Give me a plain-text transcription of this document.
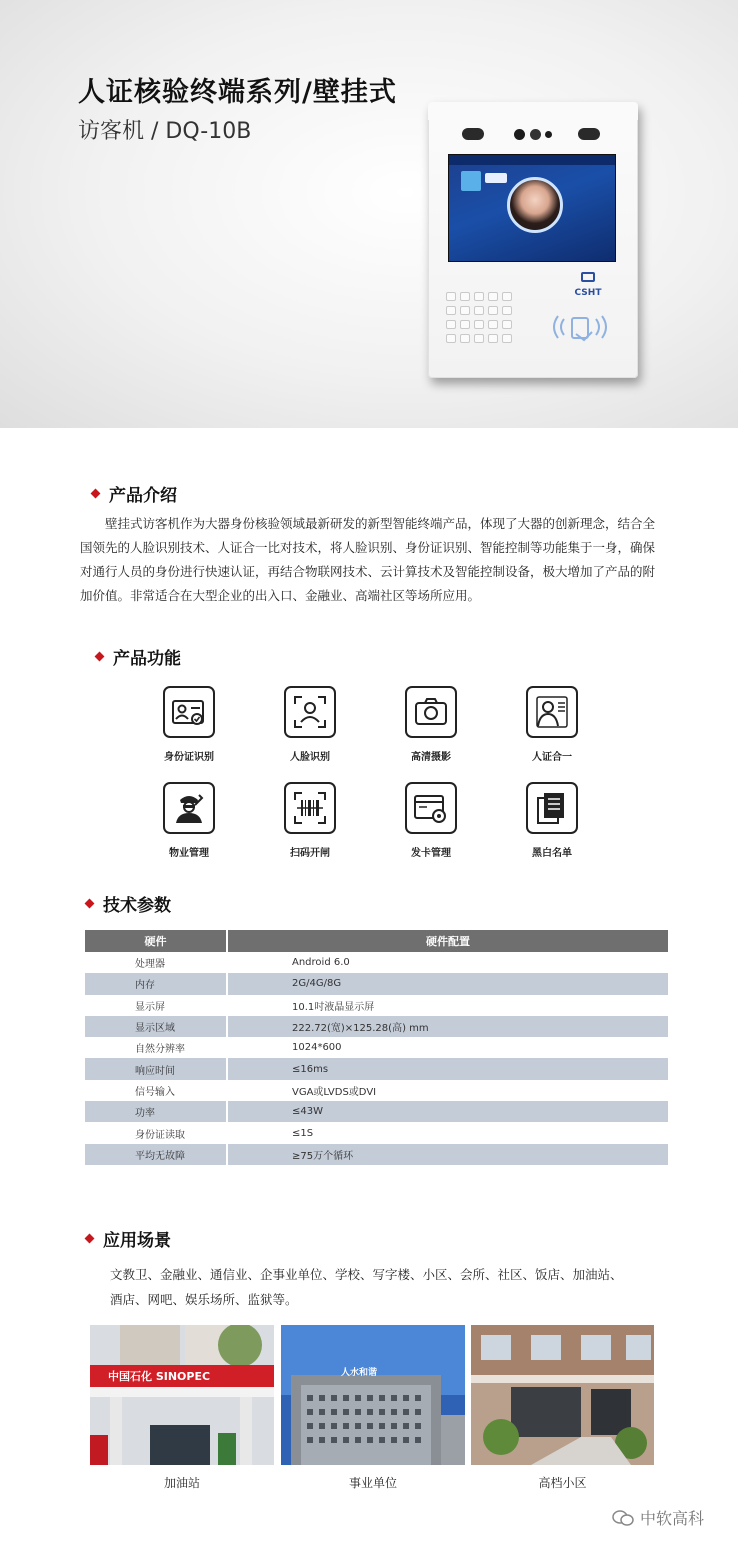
人证核验终端系列/壁挂式
访客机 / DQ-10B
CSHT
产品介绍

壁挂式访客机作为大器身份核验领域最新研发的新型智能终端产品，体现了大器的创新理念，结合全国领先的人脸识别技术、人证合一比对技术，将人脸识别、身份证识别、智能控制等功能集于一身，确保对通行人员的身份进行快速认证，再结合物联网技术、云计算技术及智能控制设备，极大增加了产品的附加价值。非常适合在大型企业的出入口、金融业、高端社区等场所应用。

产品功能
身份证识别	人脸识别	高清摄影	人证合一
物业管理	扫码开闸	发卡管理	黑白名单
技术参数
硬件	硬件配置
处理器	Android 6.0
内存	2G/4G/8G
显示屏	10.1吋液晶显示屏
显示区域	222.72(宽)×125.28(高) mm
自然分辨率	1024*600
响应时间	≤16ms
信号输入	VGA或LVDS或DVI
功率	≤43W
身份证读取	≤1S
平均无故障	≥75万个循环
应用场景

文教卫、金融业、通信业、企事业单位、学校、写字楼、小区、会所、社区、饭店、加油站、酒店、网吧、娱乐场所、监狱等。

中国石化 SINOPEC
加油站
人水和谐
事业单位	高档小区
中软高科
